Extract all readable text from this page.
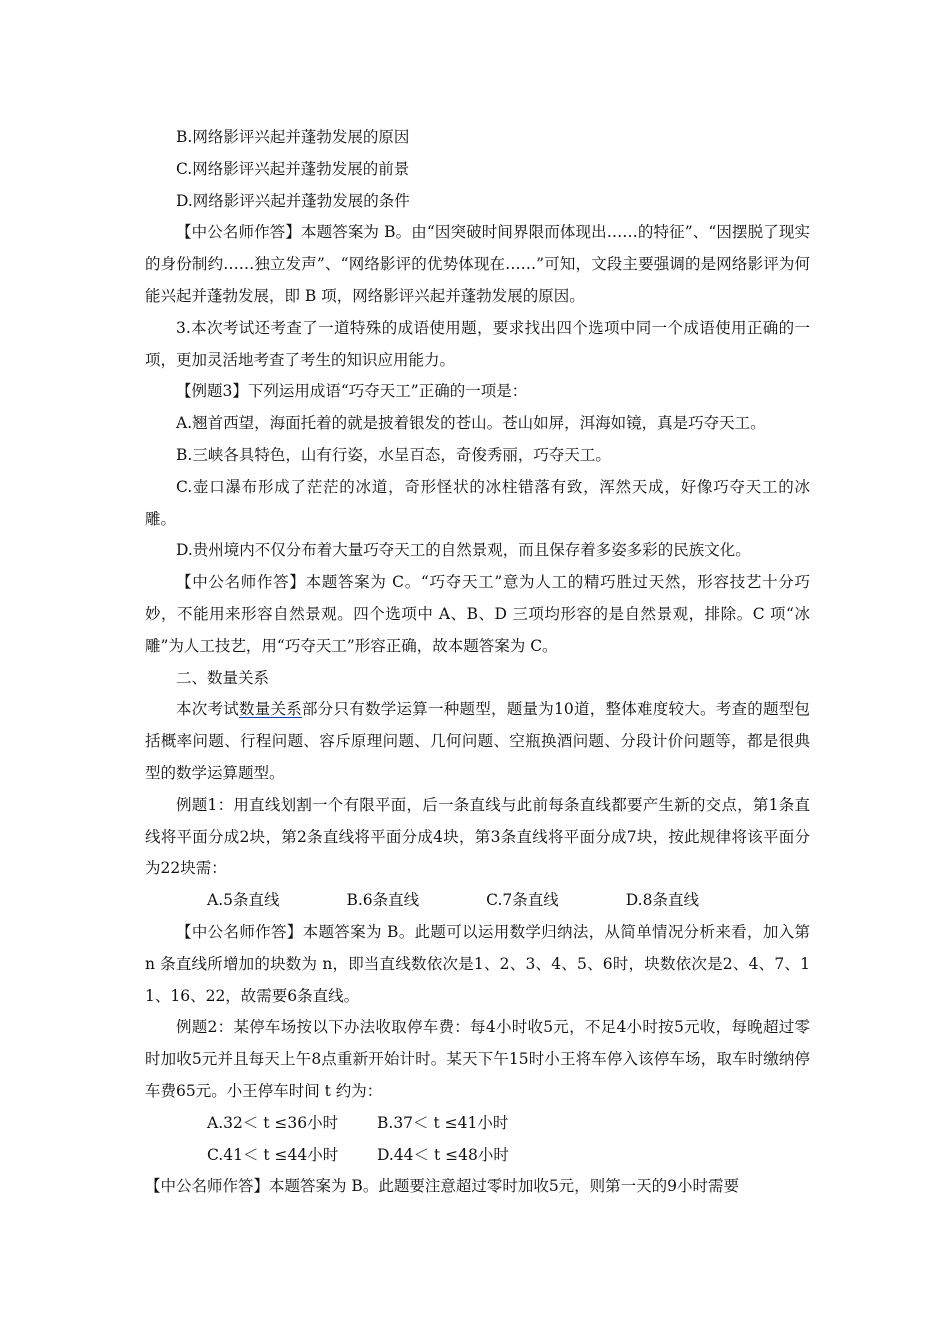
B.网络影评兴起并蓬勃发展的原因

C.网络影评兴起并蓬勃发展的前景

D.网络影评兴起并蓬勃发展的条件

【中公名师作答】本题答案为 B。由“因突破时间界限而体现出……的特征”、“因摆脱了现实的身份制约……独立发声”、“网络影评的优势体现在……”可知，文段主要强调的是网络影评为何能兴起并蓬勃发展，即 B 项，网络影评兴起并蓬勃发展的原因。

3.本次考试还考查了一道特殊的成语使用题，要求找出四个选项中同一个成语使用正确的一项，更加灵活地考查了考生的知识应用能力。

【例题3】下列运用成语“巧夺天工”正确的一项是：

A.翘首西望，海面托着的就是披着银发的苍山。苍山如屏，洱海如镜，真是巧夺天工。

B.三峡各具特色，山有行姿，水呈百态，奇俊秀丽，巧夺天工。

C.壶口瀑布形成了茫茫的冰道，奇形怪状的冰柱错落有致，浑然天成，好像巧夺天工的冰雕。

D.贵州境内不仅分布着大量巧夺天工的自然景观，而且保存着多姿多彩的民族文化。

【中公名师作答】本题答案为 C。“巧夺天工”意为人工的精巧胜过天然，形容技艺十分巧妙，不能用来形容自然景观。四个选项中 A、B、D 三项均形容的是自然景观，排除。C 项“冰雕”为人工技艺，用“巧夺天工”形容正确，故本题答案为 C。

二、数量关系

本次考试数量关系部分只有数学运算一种题型，题量为10道，整体难度较大。考查的题型包括概率问题、行程问题、容斥原理问题、几何问题、空瓶换酒问题、分段计价问题等，都是很典型的数学运算题型。

例题1：用直线划割一个有限平面，后一条直线与此前每条直线都要产生新的交点，第1条直线将平面分成2块，第2条直线将平面分成4块，第3条直线将平面分成7块，按此规律将该平面分为22块需：

A.5条直线	B.6条直线	C.7条直线	D.8条直线

【中公名师作答】本题答案为 B。此题可以运用数学归纳法，从简单情况分析来看，加入第 n 条直线所增加的块数为 n，即当直线数依次是1、2、3、4、5、6时，块数依次是2、4、7、11、16、22，故需要6条直线。

例题2：某停车场按以下办法收取停车费：每4小时收5元，不足4小时按5元收，每晚超过零时加收5元并且每天上午8点重新开始计时。某天下午15时小王将车停入该停车场，取车时缴纳停车费65元。小王停车时间 t 约为：

A.32＜ t ≤36小时	B.37＜ t ≤41小时

C.41＜ t ≤44小时 D.44＜ t ≤48小时

【中公名师作答】本题答案为 B。此题要注意超过零时加收5元，则第一天的9小时需要
